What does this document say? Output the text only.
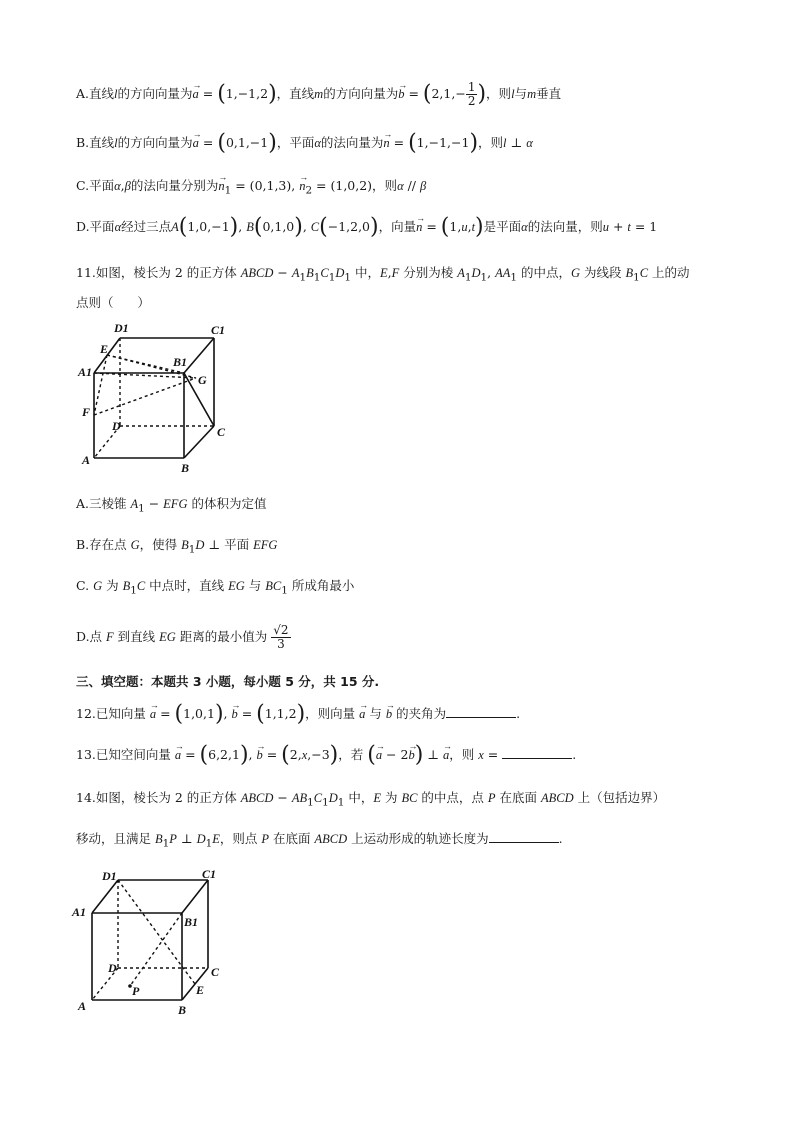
A.直线l的方向向量为→ a = (1,−1,2)，直线m的方向向量为→ $b = (2,1,- \frac{1}{2}$ )，则l与m垂直
B.直线l的方向向量为→ a = (0,1,−1)，平面α的法向量为→ n = (1,−1,−1)，则l ⊥ α
C.平面α,β的法向量分别为→ $n_1 = (0,1,3)$, → $n_2 = (1,0,2)$，则α // β
D.平面α经过三点A(1,0,−1), B(0,1,0), C(−1,2,0)，向量→ n = (1,u,t)是平面α的法向量，则u + t = 1
11.如图，棱长为 2 的正方体 ABCD − $A_1B_1C_1D_1$ 中，E,F 分别为棱 $A_1D_1$, $AA_1$ 的中点，G 为线段 $B_1C$ 上的动
点则（      ）
D1	C1
E
B1
A1
G
F
D	C
A
B
A.三棱锥 $A_1$ − EFG 的体积为定值
B.存在点 G，使得 $B_1D$ ⊥ 平面 EFG
C. G 为 $B_1C$ 中点时，直线 EG 与 $BC_1$ 所成角最小
D.点 F 到直线 EG 距离的最小值为 $\frac{√2}{3}$
三、填空题：本题共 3 小题，每小题 5 分，共 15 分.
12.已知向量 → a = (1,0,1), → b = (1,1,2)，则向量 → a 与 → b 的夹角为	.
13.已知空间向量 → a = (6,2,1), → b = (2,x,−3)，若 (→ a − 2→ b) ⊥ → a，则 x =	.
14.如图，棱长为 2 的正方体 ABCD − $AB_1C_1D_1$ 中，E 为 BC 的中点，点 P 在底面 ABCD 上（包括边界）
移动，且满足 $B_1P$ ⊥ $D_1E$，则点 P 在底面 ABCD 上运动形成的轨迹长度为	.
D1	C1
A1
B1
D	C
P	E
A	B
